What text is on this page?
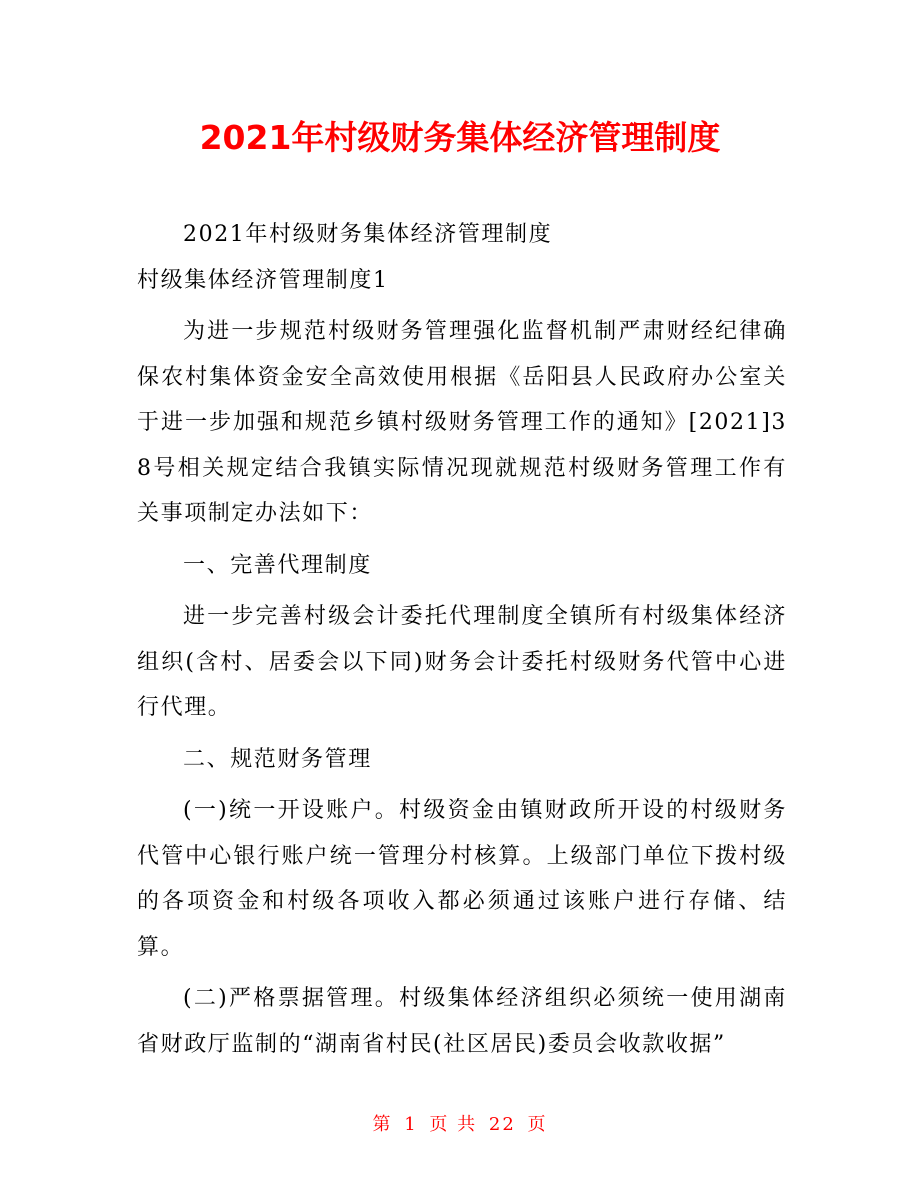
2021年村级财务集体经济管理制度

2021年村级财务集体经济管理制度

村级集体经济管理制度1

为进一步规范村级财务管理强化监督机制严肃财经纪律确保农村集体资金安全高效使用根据《岳阳县人民政府办公室关于进一步加强和规范乡镇村级财务管理工作的通知》[2021]38号相关规定结合我镇实际情况现就规范村级财务管理工作有关事项制定办法如下：

一、完善代理制度

进一步完善村级会计委托代理制度全镇所有村级集体经济组织(含村、居委会以下同)财务会计委托村级财务代管中心进行代理。

二、规范财务管理

(一)统一开设账户。村级资金由镇财政所开设的村级财务代管中心银行账户统一管理分村核算。上级部门单位下拨村级的各项资金和村级各项收入都必须通过该账户进行存储、结算。

(二)严格票据管理。村级集体经济组织必须统一使用湖南省财政厅监制的“湖南省村民(社区居民)委员会收款收据”

第 1 页 共 22 页
